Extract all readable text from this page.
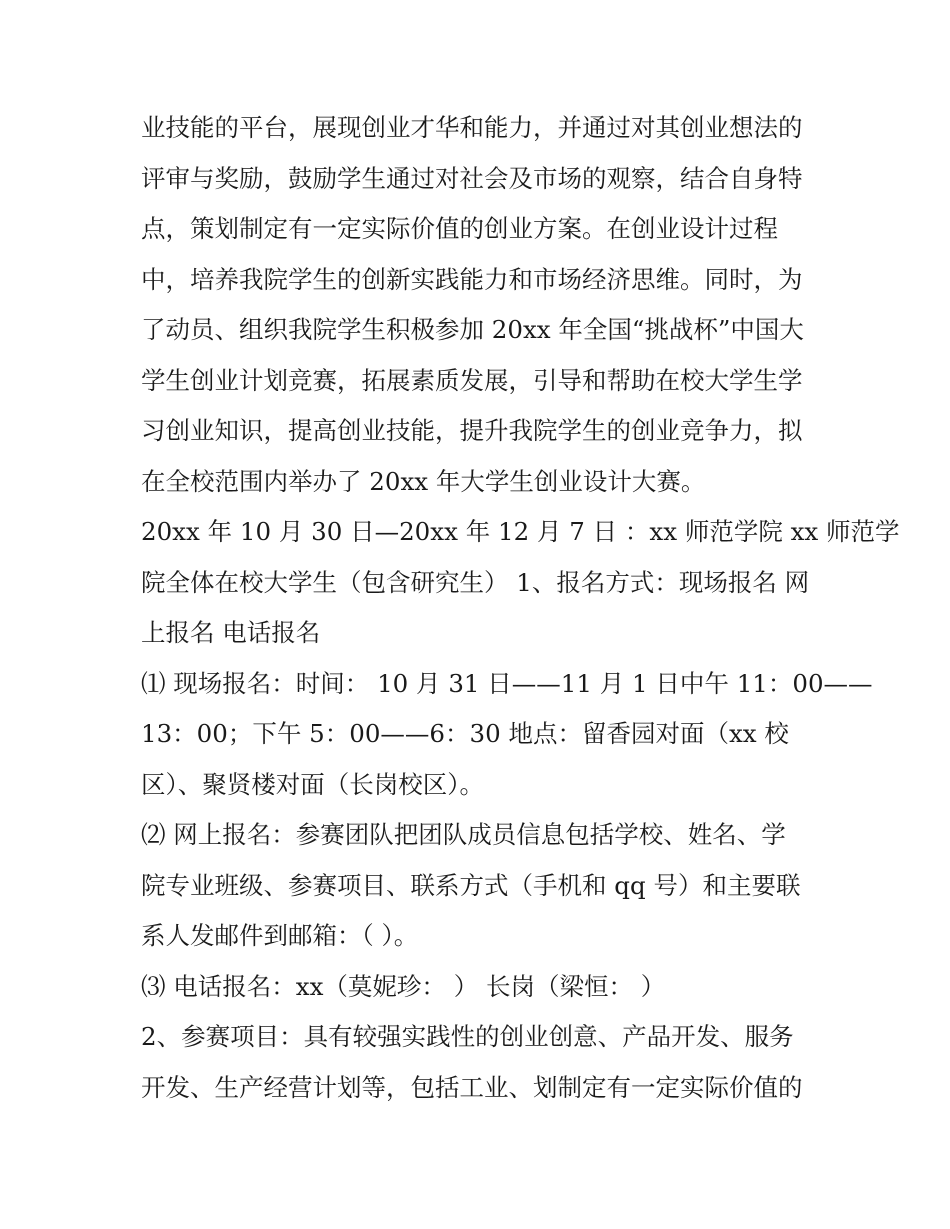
业技能的平台，展现创业才华和能力，并通过对其创业想法的
评审与奖励，鼓励学生通过对社会及市场的观察，结合自身特
点，策划制定有一定实际价值的创业方案。在创业设计过程
中，培养我院学生的创新实践能力和市场经济思维。同时，为
了动员、组织我院学生积极参加 20xx 年全国“挑战杯”中国大
学生创业计划竞赛，拓展素质发展，引导和帮助在校大学生学
习创业知识，提高创业技能，提升我院学生的创业竞争力，拟
在全校范围内举办了 20xx 年大学生创业设计大赛。
20xx 年 10 月 30 日—20xx 年 12 月 7 日 ：xx 师范学院 xx 师范学
院全体在校大学生（包含研究生） 1、报名方式：现场报名 网
上报名 电话报名
⑴ 现场报名：时间： 10 月 31 日——11 月 1 日中午 11：00——
13：00；下午 5：00——6：30 地点：留香园对面（xx 校
区）、聚贤楼对面（长岗校区）。
⑵ 网上报名：参赛团队把团队成员信息包括学校、姓名、学
院专业班级、参赛项目、联系方式（手机和 qq 号）和主要联
系人发邮件到邮箱：（ ）。
⑶ 电话报名：xx（莫妮珍： ） 长岗（梁恒： ）
2、参赛项目：具有较强实践性的创业创意、产品开发、服务
开发、生产经营计划等，包括工业、划制定有一定实际价值的
